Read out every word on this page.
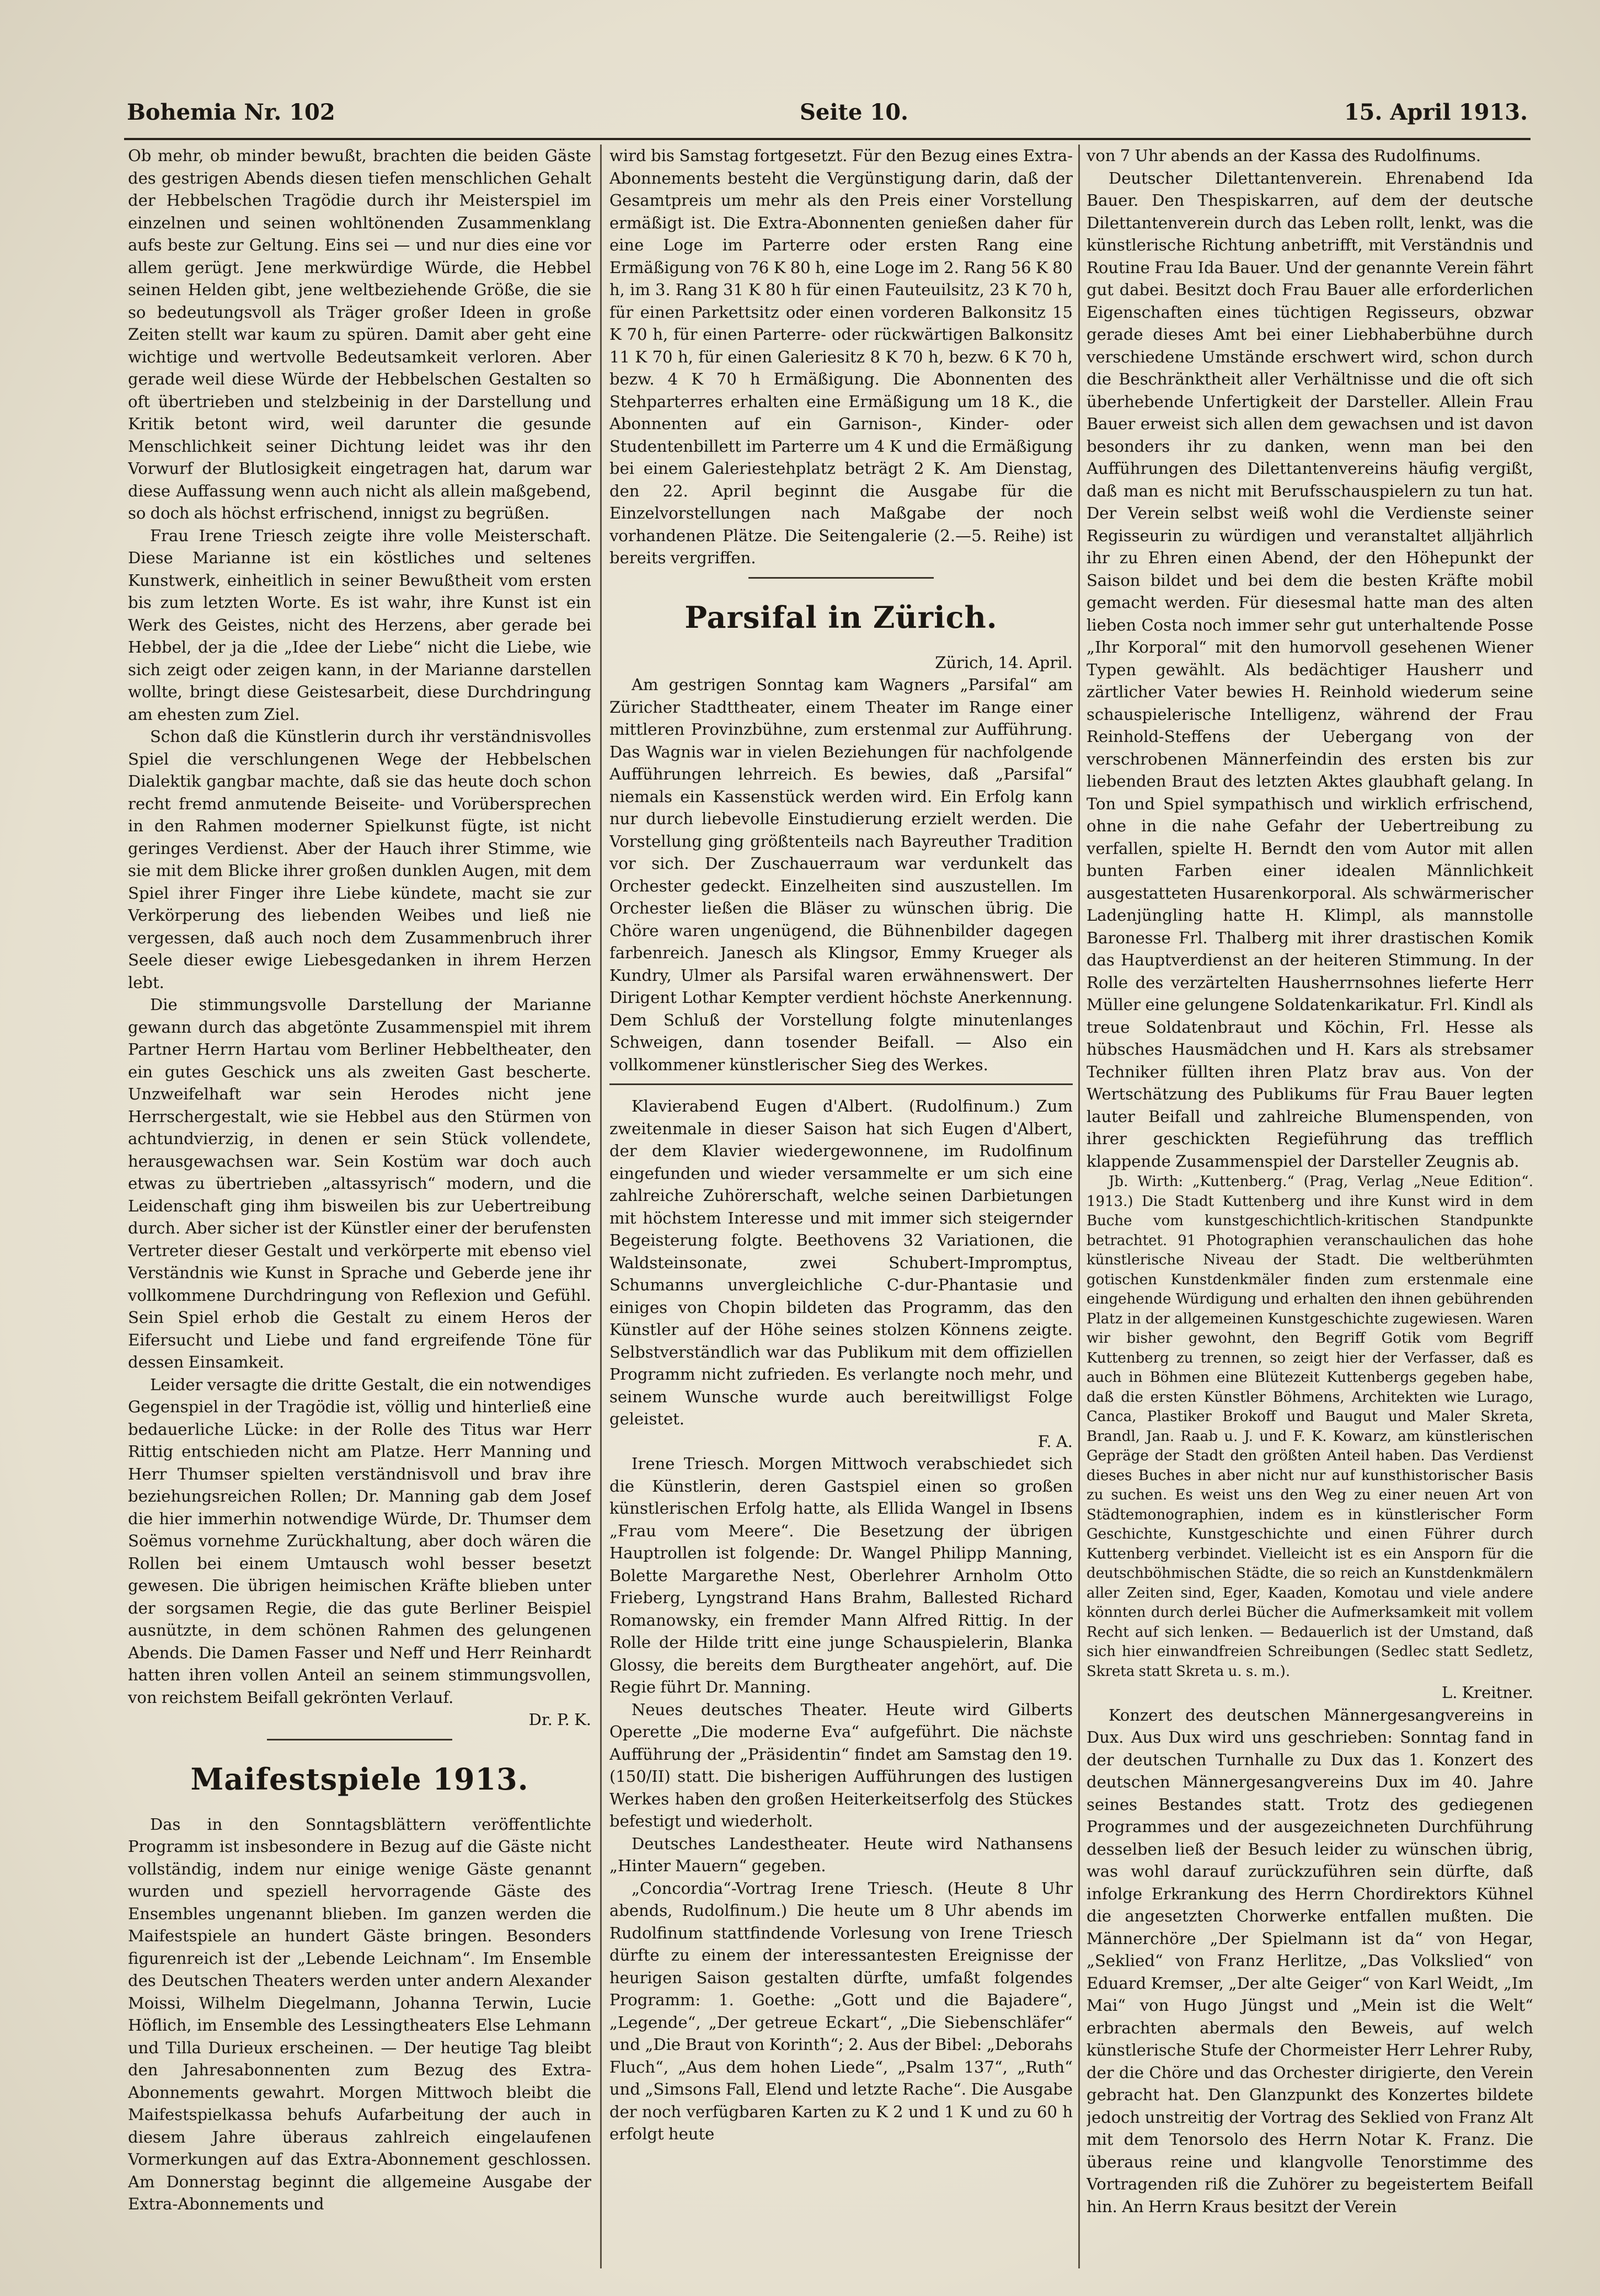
Bohemia Nr. 102	Seite 10.	15. April 1913.

Ob mehr, ob minder bewußt, brachten die beiden Gäste des gestrigen Abends diesen tiefen menschlichen Gehalt der Hebbelschen Tragödie durch ihr Meisterspiel im einzelnen und seinen wohltönenden Zusammenklang aufs beste zur Geltung. Eins sei — und nur dies eine vor allem gerügt. Jene merkwürdige Würde, die Hebbel seinen Helden gibt, jene weltbeziehende Größe, die sie so bedeutungsvoll als Träger großer Ideen in große Zeiten stellt war kaum zu spüren. Damit aber geht eine wichtige und wertvolle Bedeutsamkeit verloren. Aber gerade weil diese Würde der Hebbelschen Gestalten so oft übertrieben und stelzbeinig in der Darstellung und Kritik betont wird, weil darunter die gesunde Menschlichkeit seiner Dichtung leidet was ihr den Vorwurf der Blutlosigkeit eingetragen hat, darum war diese Auffassung wenn auch nicht als allein maßgebend, so doch als höchst erfrischend, innigst zu begrüßen.

Frau Irene Triesch zeigte ihre volle Meisterschaft. Diese Marianne ist ein köstliches und seltenes Kunstwerk, einheitlich in seiner Bewußtheit vom ersten bis zum letzten Worte. Es ist wahr, ihre Kunst ist ein Werk des Geistes, nicht des Herzens, aber gerade bei Hebbel, der ja die „Idee der Liebe“ nicht die Liebe, wie sich zeigt oder zeigen kann, in der Marianne darstellen wollte, bringt diese Geistesarbeit, diese Durchdringung am ehesten zum Ziel.

Schon daß die Künstlerin durch ihr verständnisvolles Spiel die verschlungenen Wege der Hebbelschen Dialektik gangbar machte, daß sie das heute doch schon recht fremd anmutende Beiseite- und Vorübersprechen in den Rahmen moderner Spielkunst fügte, ist nicht geringes Verdienst. Aber der Hauch ihrer Stimme, wie sie mit dem Blicke ihrer großen dunklen Augen, mit dem Spiel ihrer Finger ihre Liebe kündete, macht sie zur Verkörperung des liebenden Weibes und ließ nie vergessen, daß auch noch dem Zusammenbruch ihrer Seele dieser ewige Liebesgedanken in ihrem Herzen lebt.

Die stimmungsvolle Darstellung der Marianne gewann durch das abgetönte Zusammenspiel mit ihrem Partner Herrn Hartau vom Berliner Hebbeltheater, den ein gutes Geschick uns als zweiten Gast bescherte. Unzweifelhaft war sein Herodes nicht jene Herrschergestalt, wie sie Hebbel aus den Stürmen von achtundvierzig, in denen er sein Stück vollendete, herausgewachsen war. Sein Kostüm war doch auch etwas zu übertrieben „altassyrisch“ modern, und die Leidenschaft ging ihm bisweilen bis zur Uebertreibung durch. Aber sicher ist der Künstler einer der berufensten Vertreter dieser Gestalt und verkörperte mit ebenso viel Verständnis wie Kunst in Sprache und Geberde jene ihr vollkommene Durchdringung von Reflexion und Gefühl. Sein Spiel erhob die Gestalt zu einem Heros der Eifersucht und Liebe und fand ergreifende Töne für dessen Einsamkeit.

Leider versagte die dritte Gestalt, die ein notwendiges Gegenspiel in der Tragödie ist, völlig und hinterließ eine bedauerliche Lücke: in der Rolle des Titus war Herr Rittig entschieden nicht am Platze. Herr Manning und Herr Thumser spielten verständnisvoll und brav ihre beziehungsreichen Rollen; Dr. Manning gab dem Josef die hier immerhin notwendige Würde, Dr. Thumser dem Soëmus vornehme Zurückhaltung, aber doch wären die Rollen bei einem Umtausch wohl besser besetzt gewesen. Die übrigen heimischen Kräfte blieben unter der sorgsamen Regie, die das gute Berliner Beispiel ausnützte, in dem schönen Rahmen des gelungenen Abends. Die Damen Fasser und Neff und Herr Reinhardt hatten ihren vollen Anteil an seinem stimmungsvollen, von reichstem Beifall gekrönten Verlauf.

Dr. P. K.

Maifestspiele 1913.

Das in den Sonntagsblättern veröffentlichte Programm ist insbesondere in Bezug auf die Gäste nicht vollständig, indem nur einige wenige Gäste genannt wurden und speziell hervorragende Gäste des Ensembles ungenannt blieben. Im ganzen werden die Maifestspiele an hundert Gäste bringen. Besonders figurenreich ist der „Lebende Leichnam“. Im Ensemble des Deutschen Theaters werden unter andern Alexander Moissi, Wilhelm Diegelmann, Johanna Terwin, Lucie Höflich, im Ensemble des Lessingtheaters Else Lehmann und Tilla Durieux erscheinen. — Der heutige Tag bleibt den Jahresabonnenten zum Bezug des Extra-Abonnements gewahrt. Morgen Mittwoch bleibt die Maifestspielkassa behufs Aufarbeitung der auch in diesem Jahre überaus zahlreich eingelaufenen Vormerkungen auf das Extra-Abonnement geschlossen. Am Donnerstag beginnt die allgemeine Ausgabe der Extra-Abonnements und

wird bis Samstag fortgesetzt. Für den Bezug eines Extra-Abonnements besteht die Vergünstigung darin, daß der Gesamtpreis um mehr als den Preis einer Vorstellung ermäßigt ist. Die Extra-Abonnenten genießen daher für eine Loge im Parterre oder ersten Rang eine Ermäßigung von 76 K 80 h, eine Loge im 2. Rang 56 K 80 h, im 3. Rang 31 K 80 h für einen Fauteuilsitz, 23 K 70 h, für einen Parkettsitz oder einen vorderen Balkonsitz 15 K 70 h, für einen Parterre- oder rückwärtigen Balkonsitz 11 K 70 h, für einen Galeriesitz 8 K 70 h, bezw. 6 K 70 h, bezw. 4 K 70 h Ermäßigung. Die Abonnenten des Stehparterres erhalten eine Ermäßigung um 18 K., die Abonnenten auf ein Garnison-, Kinder- oder Studentenbillett im Parterre um 4 K und die Ermäßigung bei einem Galeriestehplatz beträgt 2 K. Am Dienstag, den 22. April beginnt die Ausgabe für die Einzelvorstellungen nach Maßgabe der noch vorhandenen Plätze. Die Seitengalerie (2.—5. Reihe) ist bereits vergriffen.

Parsifal in Zürich.

Zürich, 14. April.

Am gestrigen Sonntag kam Wagners „Parsifal“ am Züricher Stadttheater, einem Theater im Range einer mittleren Provinzbühne, zum erstenmal zur Aufführung. Das Wagnis war in vielen Beziehungen für nachfolgende Aufführungen lehrreich. Es bewies, daß „Parsifal“ niemals ein Kassenstück werden wird. Ein Erfolg kann nur durch liebevolle Einstudierung erzielt werden. Die Vorstellung ging größtenteils nach Bayreuther Tradition vor sich. Der Zuschauerraum war verdunkelt das Orchester gedeckt. Einzelheiten sind auszustellen. Im Orchester ließen die Bläser zu wünschen übrig. Die Chöre waren ungenügend, die Bühnenbilder dagegen farbenreich. Janesch als Klingsor, Emmy Krueger als Kundry, Ulmer als Parsifal waren erwähnenswert. Der Dirigent Lothar Kempter verdient höchste Anerkennung. Dem Schluß der Vorstellung folgte minutenlanges Schweigen, dann tosender Beifall. — Also ein vollkommener künstlerischer Sieg des Werkes.

Klavierabend Eugen d'Albert. (Rudolfinum.) Zum zweitenmale in dieser Saison hat sich Eugen d'Albert, der dem Klavier wiedergewonnene, im Rudolfinum eingefunden und wieder versammelte er um sich eine zahlreiche Zuhörerschaft, welche seinen Darbietungen mit höchstem Interesse und mit immer sich steigernder Begeisterung folgte. Beethovens 32 Variationen, die Waldsteinsonate, zwei Schubert-Impromptus, Schumanns unvergleichliche C-dur-Phantasie und einiges von Chopin bildeten das Programm, das den Künstler auf der Höhe seines stolzen Könnens zeigte. Selbstverständlich war das Publikum mit dem offiziellen Programm nicht zufrieden. Es verlangte noch mehr, und seinem Wunsche wurde auch bereitwilligst Folge geleistet.

F. A.

Irene Triesch. Morgen Mittwoch verabschiedet sich die Künstlerin, deren Gastspiel einen so großen künstlerischen Erfolg hatte, als Ellida Wangel in Ibsens „Frau vom Meere“. Die Besetzung der übrigen Hauptrollen ist folgende: Dr. Wangel Philipp Manning, Bolette Margarethe Nest, Oberlehrer Arnholm Otto Frieberg, Lyngstrand Hans Brahm, Ballested Richard Romanowsky, ein fremder Mann Alfred Rittig. In der Rolle der Hilde tritt eine junge Schauspielerin, Blanka Glossy, die bereits dem Burgtheater angehört, auf. Die Regie führt Dr. Manning.

Neues deutsches Theater. Heute wird Gilberts Operette „Die moderne Eva“ aufgeführt. Die nächste Aufführung der „Präsidentin“ findet am Samstag den 19. (150/II) statt. Die bisherigen Aufführungen des lustigen Werkes haben den großen Heiterkeitserfolg des Stückes befestigt und wiederholt.

Deutsches Landestheater. Heute wird Nathansens „Hinter Mauern“ gegeben.

„Concordia“-Vortrag Irene Triesch. (Heute 8 Uhr abends, Rudolfinum.) Die heute um 8 Uhr abends im Rudolfinum stattfindende Vorlesung von Irene Triesch dürfte zu einem der interessantesten Ereignisse der heurigen Saison gestalten dürfte, umfaßt folgendes Programm: 1. Goethe: „Gott und die Bajadere“, „Legende“, „Der getreue Eckart“, „Die Siebenschläfer“ und „Die Braut von Korinth“; 2. Aus der Bibel: „Deborahs Fluch“, „Aus dem hohen Liede“, „Psalm 137“, „Ruth“ und „Simsons Fall, Elend und letzte Rache“. Die Ausgabe der noch verfügbaren Karten zu K 2 und 1 K und zu 60 h erfolgt heute

von 7 Uhr abends an der Kassa des Rudolfinums.

Deutscher Dilettantenverein. Ehrenabend Ida Bauer. Den Thespiskarren, auf dem der deutsche Dilettantenverein durch das Leben rollt, lenkt, was die künstlerische Richtung anbetrifft, mit Verständnis und Routine Frau Ida Bauer. Und der genannte Verein fährt gut dabei. Besitzt doch Frau Bauer alle erforderlichen Eigenschaften eines tüchtigen Regisseurs, obzwar gerade dieses Amt bei einer Liebhaberbühne durch verschiedene Umstände erschwert wird, schon durch die Beschränktheit aller Verhältnisse und die oft sich überhebende Unfertigkeit der Darsteller. Allein Frau Bauer erweist sich allen dem gewachsen und ist davon besonders ihr zu danken, wenn man bei den Aufführungen des Dilettantenvereins häufig vergißt, daß man es nicht mit Berufsschauspielern zu tun hat. Der Verein selbst weiß wohl die Verdienste seiner Regisseurin zu würdigen und veranstaltet alljährlich ihr zu Ehren einen Abend, der den Höhepunkt der Saison bildet und bei dem die besten Kräfte mobil gemacht werden. Für diesesmal hatte man des alten lieben Costa noch immer sehr gut unterhaltende Posse „Ihr Korporal“ mit den humorvoll gesehenen Wiener Typen gewählt. Als bedächtiger Hausherr und zärtlicher Vater bewies H. Reinhold wiederum seine schauspielerische Intelligenz, während der Frau Reinhold-Steffens der Uebergang von der verschrobenen Männerfeindin des ersten bis zur liebenden Braut des letzten Aktes glaubhaft gelang. In Ton und Spiel sympathisch und wirklich erfrischend, ohne in die nahe Gefahr der Uebertreibung zu verfallen, spielte H. Berndt den vom Autor mit allen bunten Farben einer idealen Männlichkeit ausgestatteten Husarenkorporal. Als schwärmerischer Ladenjüngling hatte H. Klimpl, als mannstolle Baronesse Frl. Thalberg mit ihrer drastischen Komik das Hauptverdienst an der heiteren Stimmung. In der Rolle des verzärtelten Hausherrnsohnes lieferte Herr Müller eine gelungene Soldatenkarikatur. Frl. Kindl als treue Soldatenbraut und Köchin, Frl. Hesse als hübsches Hausmädchen und H. Kars als strebsamer Techniker füllten ihren Platz brav aus. Von der Wertschätzung des Publikums für Frau Bauer legten lauter Beifall und zahlreiche Blumenspenden, von ihrer geschickten Regieführung das trefflich klappende Zusammenspiel der Darsteller Zeugnis ab.

Jb. Wirth: „Kuttenberg.“ (Prag, Verlag „Neue Edition“. 1913.) Die Stadt Kuttenberg und ihre Kunst wird in dem Buche vom kunstgeschichtlich-kritischen Standpunkte betrachtet. 91 Photographien veranschaulichen das hohe künstlerische Niveau der Stadt. Die weltberühmten gotischen Kunstdenkmäler finden zum erstenmale eine eingehende Würdigung und erhalten den ihnen gebührenden Platz in der allgemeinen Kunstgeschichte zugewiesen. Waren wir bisher gewohnt, den Begriff Gotik vom Begriff Kuttenberg zu trennen, so zeigt hier der Verfasser, daß es auch in Böhmen eine Blütezeit Kuttenbergs gegeben habe, daß die ersten Künstler Böhmens, Architekten wie Lurago, Canca, Plastiker Brokoff und Baugut und Maler Skreta, Brandl, Jan. Raab u. J. und F. K. Kowarz, am künstlerischen Gepräge der Stadt den größten Anteil haben. Das Verdienst dieses Buches in aber nicht nur auf kunsthistorischer Basis zu suchen. Es weist uns den Weg zu einer neuen Art von Städtemonographien, indem es in künstlerischer Form Geschichte, Kunstgeschichte und einen Führer durch Kuttenberg verbindet. Vielleicht ist es ein Ansporn für die deutschböhmischen Städte, die so reich an Kunstdenkmälern aller Zeiten sind, Eger, Kaaden, Komotau und viele andere könnten durch derlei Bücher die Aufmerksamkeit mit vollem Recht auf sich lenken. — Bedauerlich ist der Umstand, daß sich hier einwandfreien Schreibungen (Sedlec statt Sedletz, Skreta statt Skreta u. s. m.).

L. Kreitner.

Konzert des deutschen Männergesangvereins in Dux. Aus Dux wird uns geschrieben: Sonntag fand in der deutschen Turnhalle zu Dux das 1. Konzert des deutschen Männergesangvereins Dux im 40. Jahre seines Bestandes statt. Trotz des gediegenen Programmes und der ausgezeichneten Durchführung desselben ließ der Besuch leider zu wünschen übrig, was wohl darauf zurückzuführen sein dürfte, daß infolge Erkrankung des Herrn Chordirektors Kühnel die angesetzten Chorwerke entfallen mußten. Die Männerchöre „Der Spielmann ist da“ von Hegar, „Seklied“ von Franz Herlitze, „Das Volkslied“ von Eduard Kremser, „Der alte Geiger“ von Karl Weidt, „Im Mai“ von Hugo Jüngst und „Mein ist die Welt“ erbrachten abermals den Beweis, auf welch künstlerische Stufe der Chormeister Herr Lehrer Ruby, der die Chöre und das Orchester dirigierte, den Verein gebracht hat. Den Glanzpunkt des Konzertes bildete jedoch unstreitig der Vortrag des Seklied von Franz Alt mit dem Tenorsolo des Herrn Notar K. Franz. Die überaus reine und klangvolle Tenorstimme des Vortragenden riß die Zuhörer zu begeistertem Beifall hin. An Herrn Kraus besitzt der Verein
